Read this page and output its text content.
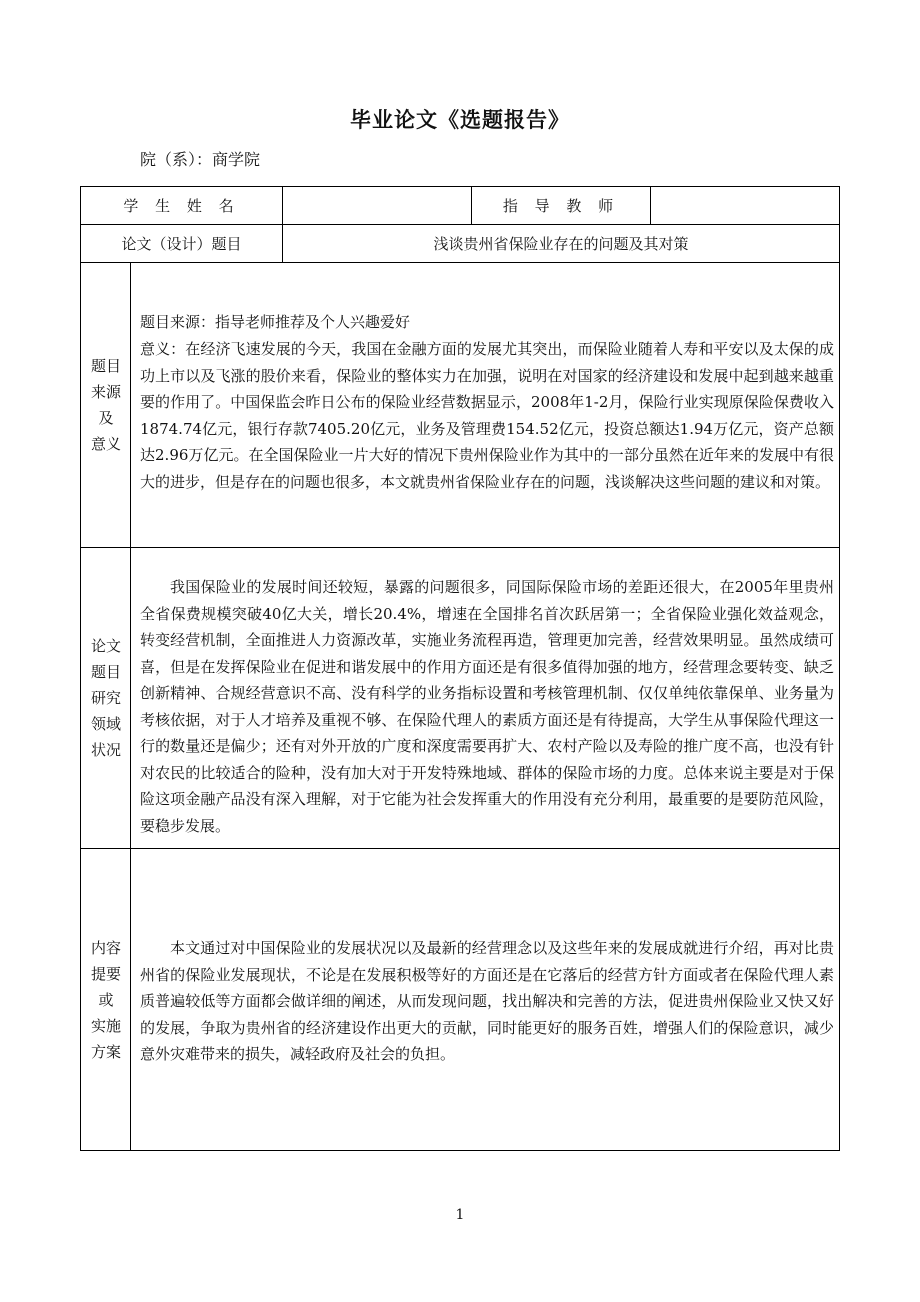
毕业论文《选题报告》
院（系）：商学院
学 生 姓 名	指 导 教 师
论文（设计）题目	浅谈贵州省保险业存在的问题及其对策
题目
来源
及
意义

题目来源：指导老师推荐及个人兴趣爱好

意义：在经济飞速发展的今天，我国在金融方面的发展尤其突出，而保险业随着人寿和平安以及太保的成功上市以及飞涨的股价来看，保险业的整体实力在加强，说明在对国家的经济建设和发展中起到越来越重要的作用了。中国保监会昨日公布的保险业经营数据显示，2008年1-2月，保险行业实现原保险保费收入1874.74亿元，银行存款7405.20亿元，业务及管理费154.52亿元，投资总额达1.94万亿元，资产总额达2.96万亿元。在全国保险业一片大好的情况下贵州保险业作为其中的一部分虽然在近年来的发展中有很大的进步，但是存在的问题也很多，本文就贵州省保险业存在的问题，浅谈解决这些问题的建议和对策。

论文
题目
研究
领域
状况

我国保险业的发展时间还较短，暴露的问题很多，同国际保险市场的差距还很大，在2005年里贵州全省保费规模突破40亿大关，增长20.4%，增速在全国排名首次跃居第一；全省保险业强化效益观念，转变经营机制，全面推进人力资源改革，实施业务流程再造，管理更加完善，经营效果明显。虽然成绩可喜，但是在发挥保险业在促进和谐发展中的作用方面还是有很多值得加强的地方，经营理念要转变、缺乏创新精神、合规经营意识不高、没有科学的业务指标设置和考核管理机制、仅仅单纯依靠保单、业务量为考核依据，对于人才培养及重视不够、在保险代理人的素质方面还是有待提高，大学生从事保险代理这一行的数量还是偏少；还有对外开放的广度和深度需要再扩大、农村产险以及寿险的推广度不高，也没有针对农民的比较适合的险种，没有加大对于开发特殊地域、群体的保险市场的力度。总体来说主要是对于保险这项金融产品没有深入理解，对于它能为社会发挥重大的作用没有充分利用，最重要的是要防范风险，要稳步发展。

内容
提要
或
实施
方案

本文通过对中国保险业的发展状况以及最新的经营理念以及这些年来的发展成就进行介绍，再对比贵州省的保险业发展现状，不论是在发展积极等好的方面还是在它落后的经营方针方面或者在保险代理人素质普遍较低等方面都会做详细的阐述，从而发现问题，找出解决和完善的方法，促进贵州保险业又快又好的发展，争取为贵州省的经济建设作出更大的贡献，同时能更好的服务百姓，增强人们的保险意识，减少意外灾难带来的损失，减轻政府及社会的负担。

1
